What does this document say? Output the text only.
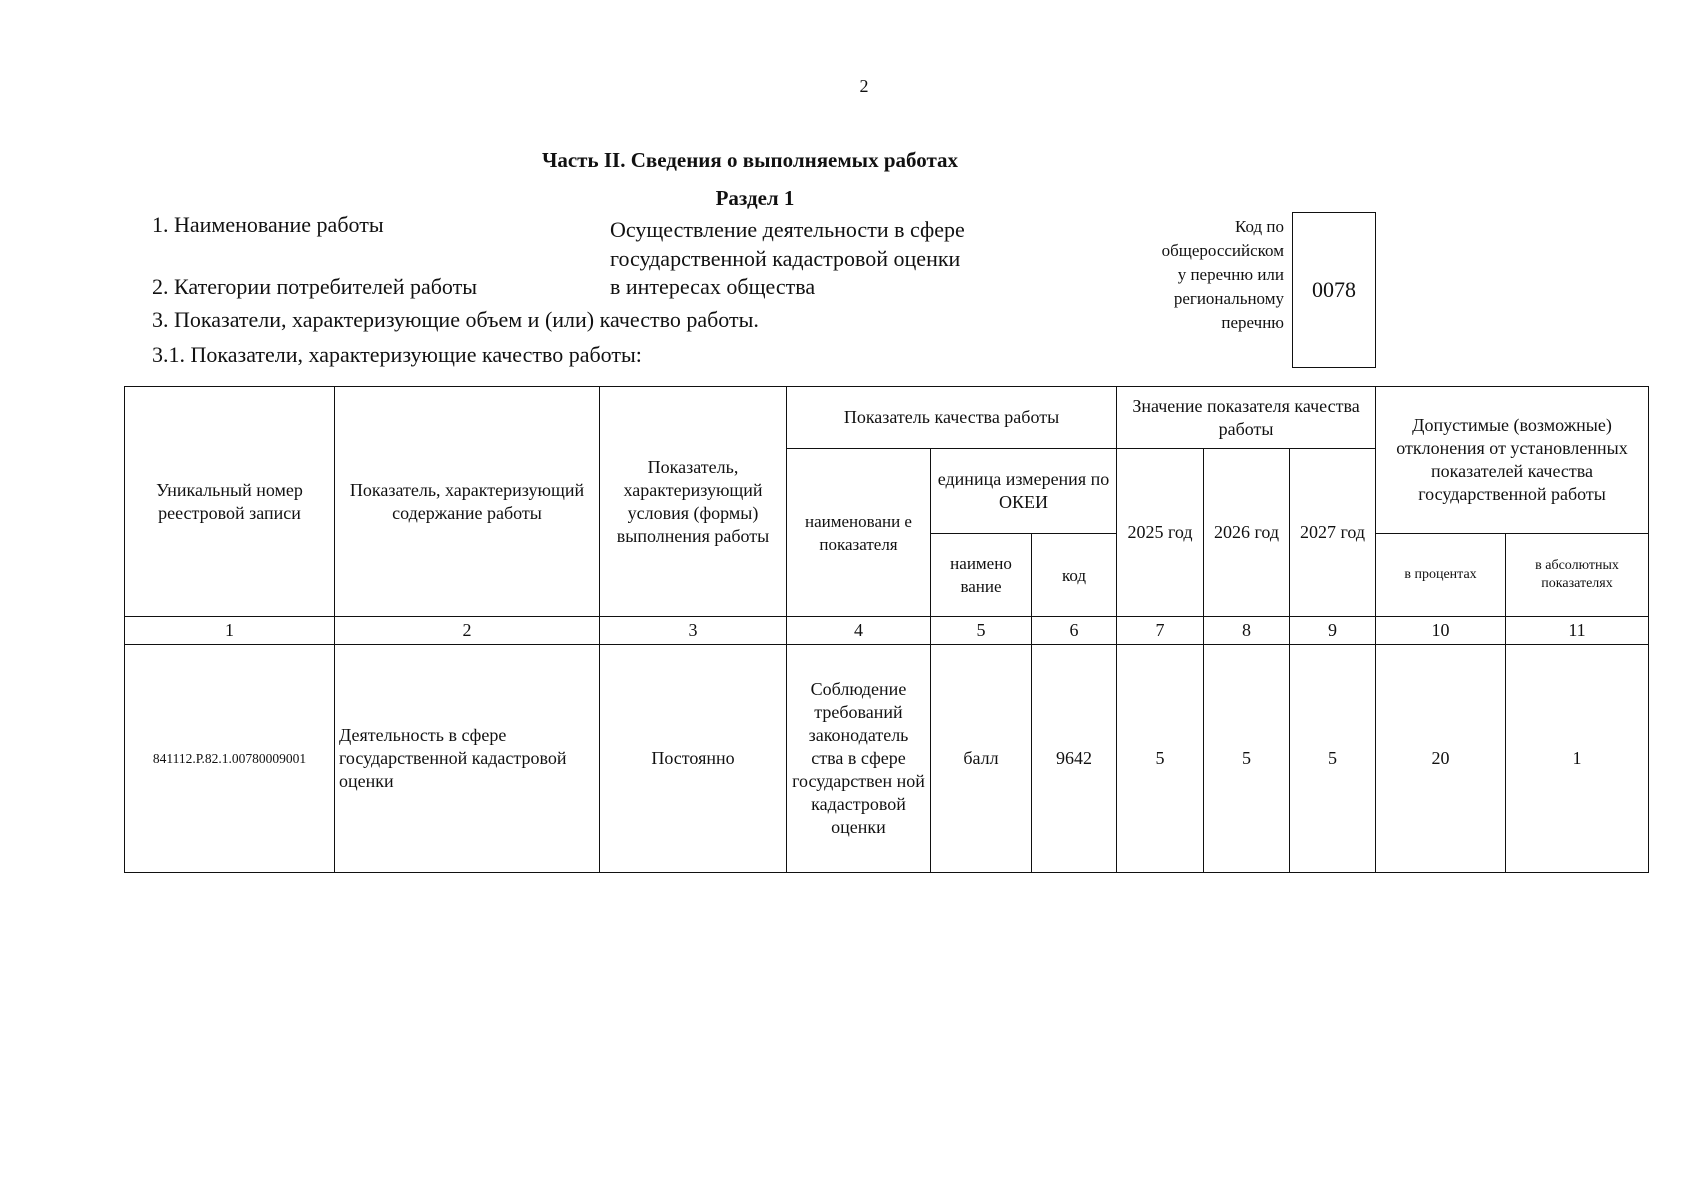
2
Часть II. Сведения о выполняемых работах
Раздел 1
1. Наименование работы	Осуществление деятельности в сфере
государственной кадастровой оценки
2. Категории потребителей работы	в интересах общества
3. Показатели, характеризующие объем и (или) качество работы.
3.1. Показатели, характеризующие качество работы:
Код по
общероссийском
у перечню или
региональному
перечню
0078
Уникальный номер реестровой записи	Показатель, характеризующий содержание работы	Показатель, характеризующий условия (формы) выполнения работы	Показатель качества работы			Значение показателя качества работы			Допустимые (возможные) отклонения от установленных показателей качества государственной работы	
			наименовани е показателя	единица измерения по ОКЕИ		2025 год	2026 год	2027 год		
				наимено вание	код				в процентах	в абсолютных показателях
1	2	3	4	5	6	7	8	9	10	11
841112.Р.82.1.00780009001	Деятельность в сфере государственной кадастровой оценки	Постоянно	Соблюдение требований законодатель ства в сфере государствен ной кадастровой оценки	балл	9642	5	5	5	20	1
